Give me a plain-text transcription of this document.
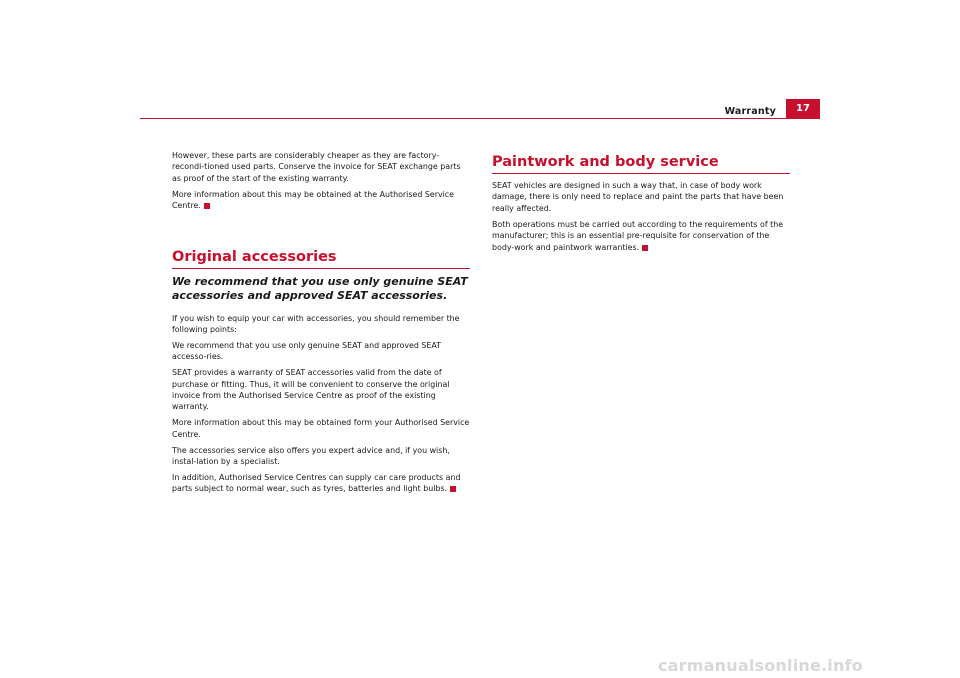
Warranty	17

However, these parts are considerably cheaper as they are factory-recondi-tioned used parts. Conserve the invoice for SEAT exchange parts as proof of the start of the existing warranty.

More information about this may be obtained at the Authorised Service Centre.

Original accessories
We recommend that you use only genuine SEAT accessories and approved SEAT accessories.

If you wish to equip your car with accessories, you should remember the following points:

We recommend that you use only genuine SEAT and approved SEAT accesso-ries.

SEAT provides a warranty of SEAT accessories valid from the date of purchase or fitting. Thus, it will be convenient to conserve the original invoice from the Authorised Service Centre as proof of the existing warranty.

More information about this may be obtained form your Authorised Service Centre.

The accessories service also offers you expert advice and, if you wish, instal-lation by a specialist.

In addition, Authorised Service Centres can supply car care products and parts subject to normal wear, such as tyres, batteries and light bulbs.

Paintwork and body service

SEAT vehicles are designed in such a way that, in case of body work damage, there is only need to replace and paint the parts that have been really affected.

Both operations must be carried out according to the requirements of the manufacturer; this is an essential pre-requisite for conservation of the body-work and paintwork warranties.

carmanualsonline.info
